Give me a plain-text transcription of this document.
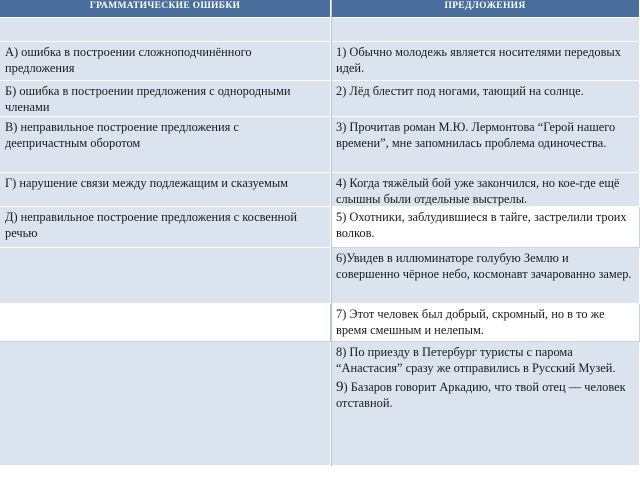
ГРАММАТИЧЕСКИЕ ОШИБКИ	ПРЕДЛОЖЕНИЯ
А) ошибка в построении сложноподчинённого предложения
Б) ошибка в построении предложения с однородными членами
В) неправильное построение предложения с деепричастным оборотом
Г) нарушение связи между подлежащим и сказуемым
Д) неправильное построение предложения с косвенной речью
1) Обычно молодежь является носителями передовых идей.
2) Лёд блестит под ногами, тающий на солнце.
3) Прочитав роман М.Ю. Лермонтова “Герой нашего времени”, мне запомнилась проблема одиночества.
4) Когда тяжёлый бой уже закончился, но кое-где ещё слышны были отдельные выстрелы.
5) Охотники, заблудившиеся в тайге, застрелили троих волков.
6)Увидев в иллюминаторе голубую Землю и совершенно чёрное небо, космонавт зачарованно замер.
7) Этот человек был добрый, скромный, но в то же время смешным и нелепым.
8) По приезду в Петербург туристы с парома “Анастасия” сразу же отправились в Русский Музей.
9) Базаров говорит Аркадию, что твой отец — человек отставной.
